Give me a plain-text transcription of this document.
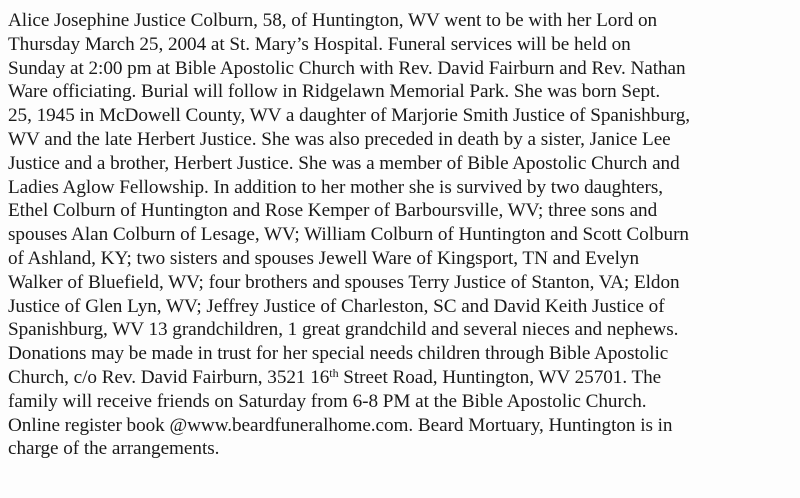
Alice Josephine Justice Colburn, 58, of Huntington, WV went to be with her Lord on
Thursday March 25, 2004 at St. Mary’s Hospital. Funeral services will be held on
Sunday at 2:00 pm at Bible Apostolic Church with Rev. David Fairburn and Rev. Nathan
Ware officiating. Burial will follow in Ridgelawn Memorial Park. She was born Sept.
25, 1945 in McDowell County, WV a daughter of Marjorie Smith Justice of Spanishburg,
WV and the late Herbert Justice. She was also preceded in death by a sister, Janice Lee
Justice and a brother, Herbert Justice. She was a member of Bible Apostolic Church and
Ladies Aglow Fellowship. In addition to her mother she is survived by two daughters,
Ethel Colburn of Huntington and Rose Kemper of Barboursville, WV; three sons and
spouses Alan Colburn of Lesage, WV; William Colburn of Huntington and Scott Colburn
of Ashland, KY; two sisters and spouses Jewell Ware of Kingsport, TN and Evelyn
Walker of Bluefield, WV; four brothers and spouses Terry Justice of Stanton, VA; Eldon
Justice of Glen Lyn, WV; Jeffrey Justice of Charleston, SC and David Keith Justice of
Spanishburg, WV 13 grandchildren, 1 great grandchild and several nieces and nephews.
Donations may be made in trust for her special needs children through Bible Apostolic
Church, c/o Rev. David Fairburn, 3521 16th Street Road, Huntington, WV 25701. The
family will receive friends on Saturday from 6-8 PM at the Bible Apostolic Church.
Online register book @www.beardfuneralhome.com. Beard Mortuary, Huntington is in
charge of the arrangements.
